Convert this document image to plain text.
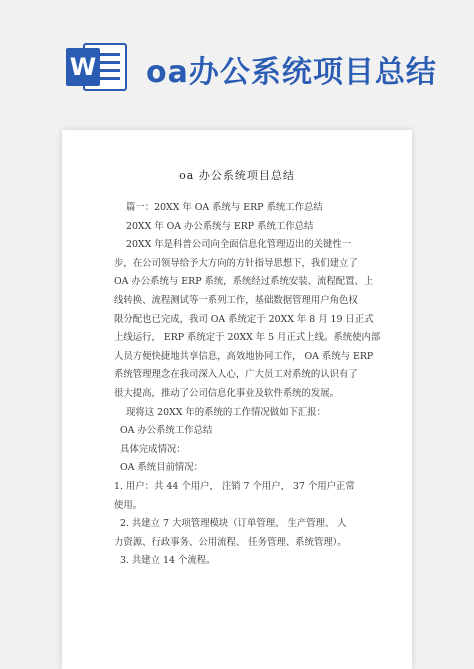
W oa办公系统项目总结
oa 办公系统项目总结
篇一：20XX 年 OA 系统与 ERP 系统工作总结
20XX 年 OA 办公系统与 ERP 系统工作总结
20XX 年是科普公司向全面信息化管理迈出的关键性一
步，在公司领导给予大方向的方针指导思想下，我们建立了
OA 办公系统与 ERP 系统，系统经过系统安装、流程配置、上
线转换、流程测试等一系列工作，基础数据管理用户角色权
限分配也已完成，我司 OA 系统定于 20XX 年 8 月 19 日正式
上线运行， ERP 系统定于 20XX 年 5 月正式上线。系统使内部
人员方便快捷地共享信息，高效地协同工作， OA 系统与 ERP
系统管理理念在我司深入人心，广大员工对系统的认识有了
很大提高，推动了公司信息化事业及软件系统的发展。
现将这 20XX 年的系统的工作情况做如下汇报：
OA 办公系统工作总结
具体完成情况：
OA 系统目前情况：
1. 用户：共 44 个用户， 注销 7 个用户， 37 个用户正常
使用。
2. 共建立 7 大项管理模块（订单管理、 生产管理、 人
力资源、行政事务、公用流程、 任务管理、系统管理）。
3. 共建立 14 个流程。
